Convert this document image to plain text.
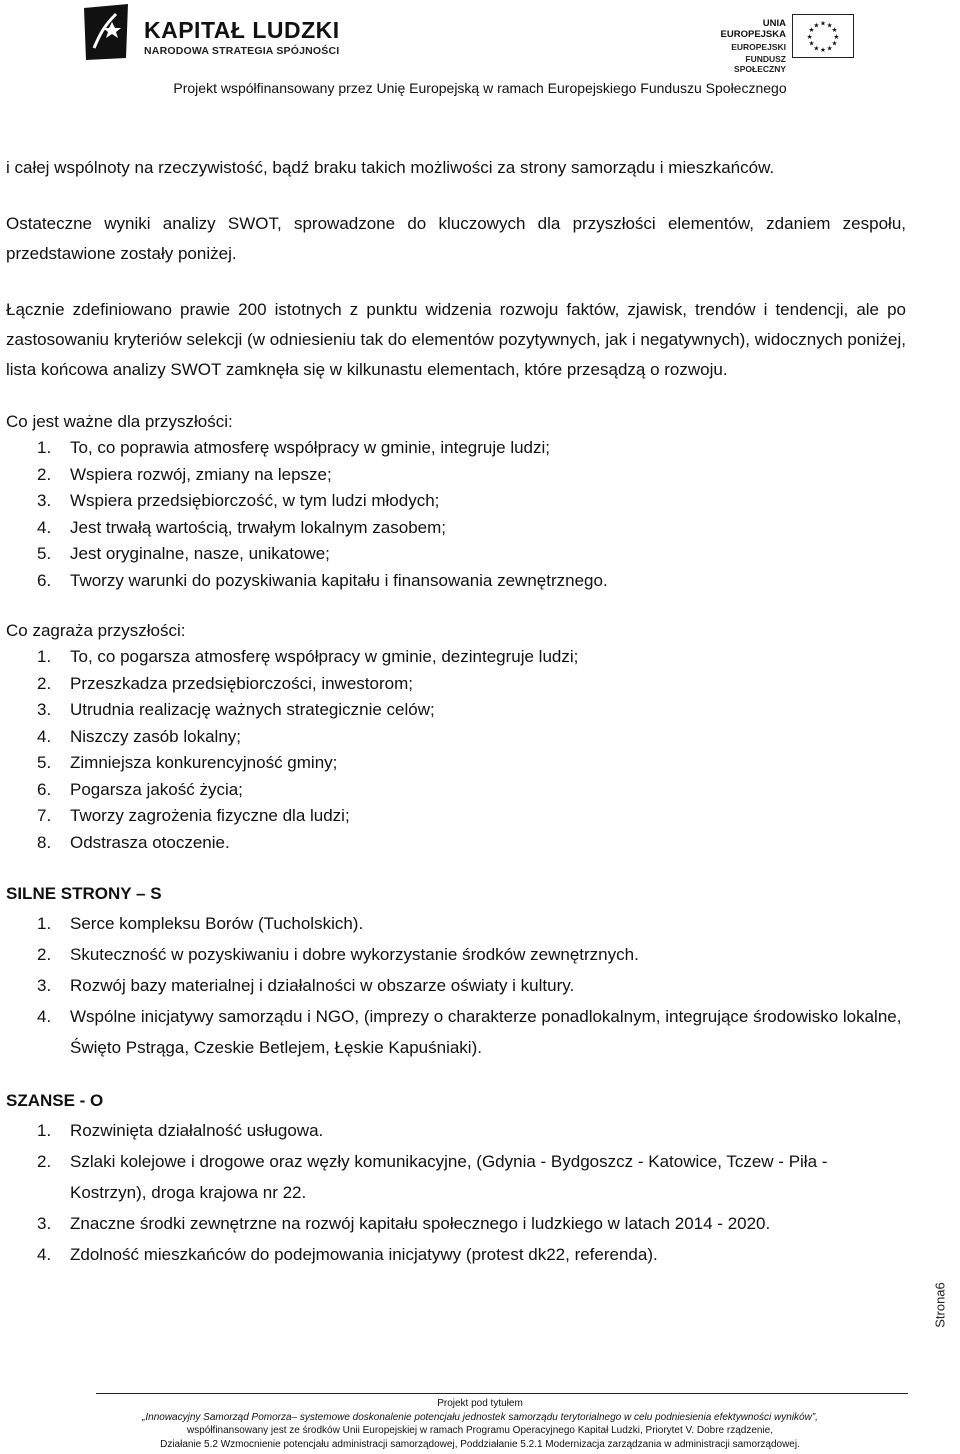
KAPITAŁ LUDZKI
NARODOWA STRATEGIA SPÓJNOŚCI
UNIA EUROPEJSKA
EUROPEJSKI
FUNDUSZ SPOŁECZNY
★ ★
★
★
★
★
★
★
★
★
★
★
Projekt współfinansowany przez Unię Europejską w ramach Europejskiego Funduszu Społecznego

i całej wspólnoty na rzeczywistość, bądź braku takich możliwości za strony samorządu i mieszkańców.

Ostateczne wyniki analizy SWOT, sprowadzone do kluczowych dla przyszłości elementów, zdaniem zespołu, przedstawione zostały poniżej.

Łącznie zdefiniowano prawie 200 istotnych z punktu widzenia rozwoju faktów, zjawisk, trendów i tendencji, ale po zastosowaniu kryteriów selekcji (w odniesieniu tak do elementów pozytywnych, jak i negatywnych), widocznych poniżej, lista końcowa analizy SWOT zamknęła się w kilkunastu elementach, które przesądzą o rozwoju.

Co jest ważne dla przyszłości:
1. To, co poprawia atmosferę współpracy w gminie, integruje ludzi;
2. Wspiera rozwój, zmiany na lepsze;
3. Wspiera przedsiębiorczość, w tym ludzi młodych;
4. Jest trwałą wartością, trwałym lokalnym zasobem;
5. Jest oryginalne, nasze, unikatowe;
6. Tworzy warunki do pozyskiwania kapitału i finansowania zewnętrznego.
Co zagraża przyszłości:
1. To, co pogarsza atmosferę współpracy w gminie, dezintegruje ludzi;
2. Przeszkadza przedsiębiorczości, inwestorom;
3. Utrudnia realizację ważnych strategicznie celów;
4. Niszczy zasób lokalny;
5. Zimniejsza konkurencyjność gminy;
6. Pogarsza jakość życia;
7. Tworzy zagrożenia fizyczne dla ludzi;
8. Odstrasza otoczenie.
SILNE STRONY – S
1. Serce kompleksu Borów (Tucholskich).
2. Skuteczność w pozyskiwaniu i dobre wykorzystanie środków zewnętrznych.
3. Rozwój bazy materialnej i działalności w obszarze oświaty i kultury.
4. Wspólne inicjatywy samorządu i NGO, (imprezy o charakterze ponadlokalnym, integrujące środowisko lokalne, Święto Pstrąga, Czeskie Betlejem, Łęskie Kapuśniaki).
SZANSE - O
1. Rozwinięta działalność usługowa.
2. Szlaki kolejowe i drogowe oraz węzły komunikacyjne, (Gdynia - Bydgoszcz - Katowice, Tczew - Piła - Kostrzyn), droga krajowa nr 22.
3. Znaczne środki zewnętrzne na rozwój kapitału społecznego i ludzkiego w latach 2014 - 2020.
4. Zdolność mieszkańców do podejmowania inicjatywy (protest dk22, referenda).
Strona6
Projekt pod tytułem
„Innowacyjny Samorząd Pomorza– systemowe doskonalenie potencjału jednostek samorządu terytorialnego w celu podniesienia efektywności wyników”,
współfinansowany jest ze środków Unii Europejskiej w ramach Programu Operacyjnego Kapitał Ludzki, Priorytet V. Dobre rządzenie,
Działanie 5.2 Wzmocnienie potencjału administracji samorządowej, Poddziałanie 5.2.1 Modernizacja zarządzania w administracji samorządowej.
